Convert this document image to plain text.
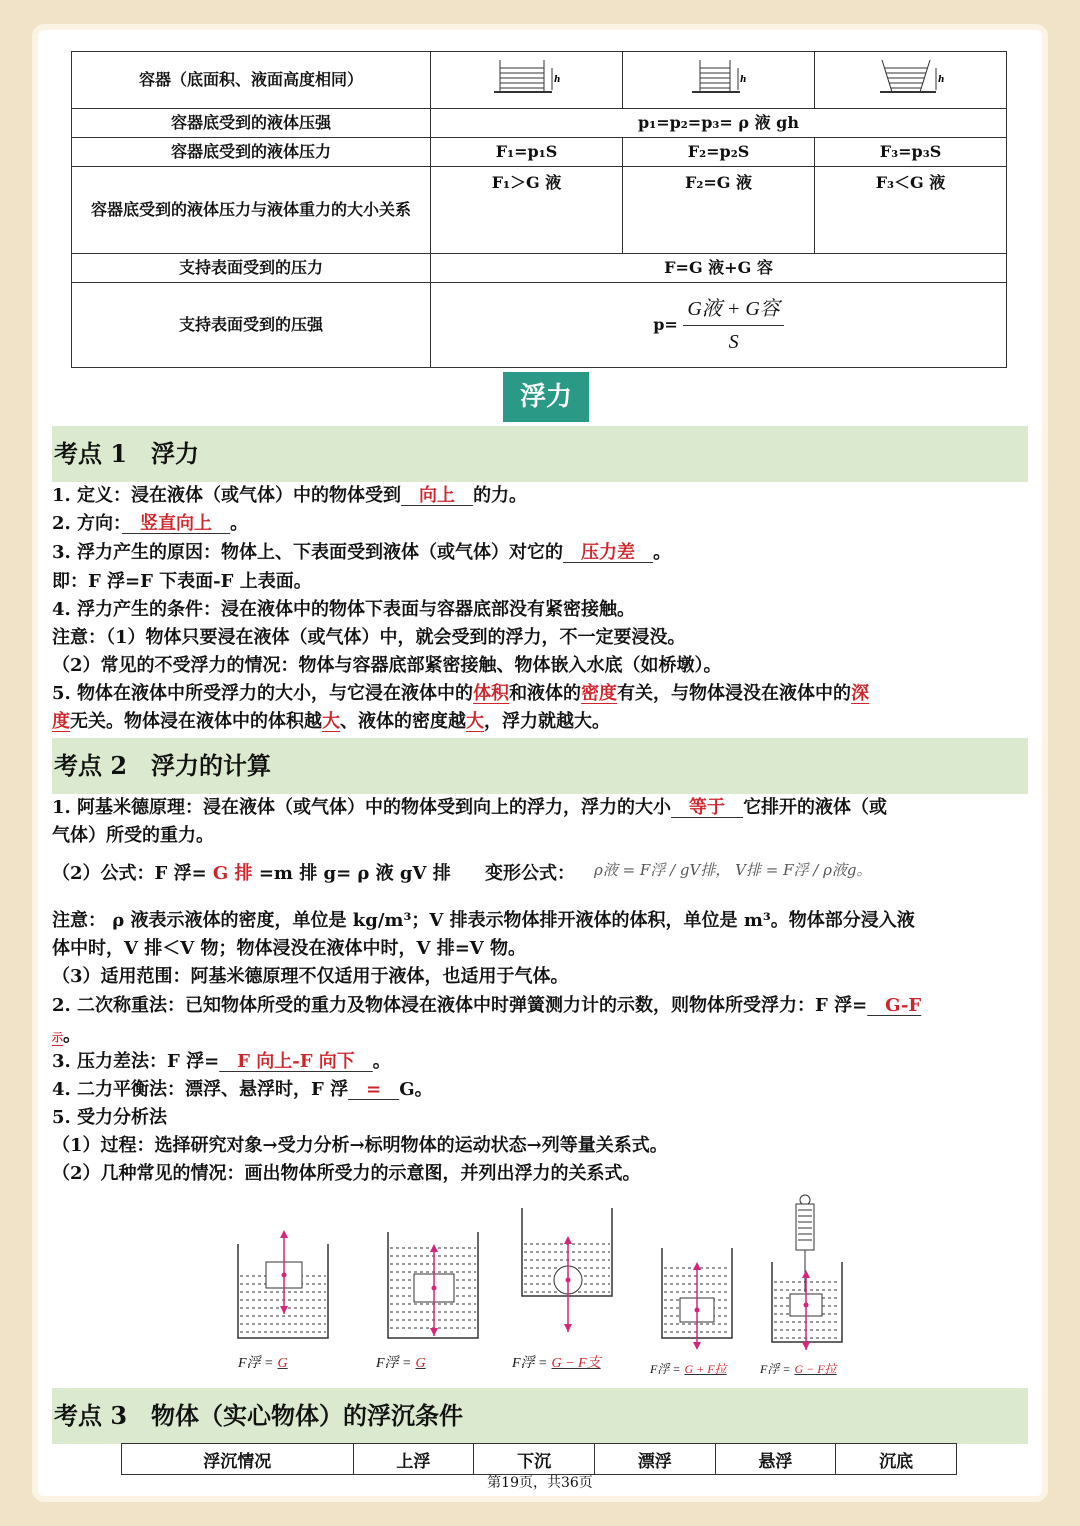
容器（底面积、液面高度相同）	h	h	h

容器底受到的液体压强	p₁=p₂=p₃= ρ 液 gh		
容器底受到的液体压力	F₁=p₁S	F₂=p₂S	F₃=p₃S
容器底受到的液体压力与液体重力的大小关系	F₁＞G 液	F₂=G 液	F₃＜G 液
支持表面受到的压力	F=G 液+G 容		
支持表面受到的压强	$p= \frac{\text{G液 + G容}}{S}$
浮力
考点 1　浮力
1. 定义：浸在液体（或气体）中的物体受到　向上　的力。
2. 方向：　竖直向上　。
3. 浮力产生的原因：物体上、下表面受到液体（或气体）对它的　压力差　。
即：F 浮=F 下表面-F 上表面。
4. 浮力产生的条件：浸在液体中的物体下表面与容器底部没有紧密接触。
注意：（1）物体只要浸在液体（或气体）中，就会受到的浮力，不一定要浸没。
（2）常见的不受浮力的情况：物体与容器底部紧密接触、物体嵌入水底（如桥墩）。
5. 物体在液体中所受浮力的大小，与它浸在液体中的体积和液体的密度有关，与物体浸没在液体中的深
度无关。物体浸在液体中的体积越大、液体的密度越大，浮力就越大。
考点 2　浮力的计算
1. 阿基米德原理：浸在液体（或气体）中的物体受到向上的浮力，浮力的大小　等于　它排开的液体（或
气体）所受的重力。
（2）公式：F 浮= G 排 =m 排 g= ρ 液 gV 排	变形公式：	ρ液 = F浮 / gV排， V排 = F浮 / ρ液g
注意： ρ 液表示液体的密度，单位是 kg/m³；V 排表示物体排开液体的体积，单位是 m³。物体部分浸入液
体中时，V 排＜V 物；物体浸没在液体中时，V 排=V 物。
（3）适用范围：阿基米德原理不仅适用于液体，也适用于气体。
2. 二次称重法：已知物体所受的重力及物体浸在液体中时弹簧测力计的示数，则物体所受浮力：F 浮=　G-F
示。
3. 压力差法：F 浮=　F 向上-F 向下　。
4. 二力平衡法：漂浮、悬浮时，F 浮　=　G。
5. 受力分析法
（1）过程：选择研究对象→受力分析→标明物体的运动状态→列等量关系式。
（2）几种常见的情况：画出物体所受力的示意图，并列出浮力的关系式。
F浮 = G	F浮 = G	F浮 = G − F支	F浮 = G + F拉	F浮 = G − F拉
考点 3　物体（实心物体）的浮沉条件
浮沉情况	上浮	下沉	漂浮	悬浮	沉底
第19页，共36页
